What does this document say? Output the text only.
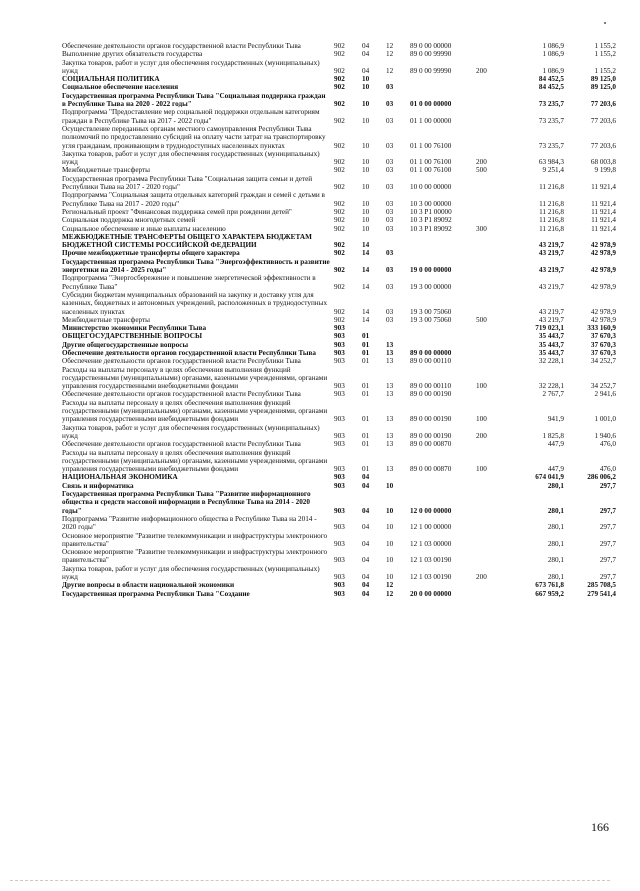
Обеспечение деятельности органов государственной власти Республики Тыва	902	04	12	89 0 00 00000	1 086,9	1 155,2
Выполнение других обязательств государства	902	04	12	89 0 00 99990	1 086,9	1 155,2
Закупка товаров, работ и услуг для обеспечения государственных (муниципальных) нужд	902	04	12	89 0 00 99990	200	1 086,9	1 155,2
СОЦИАЛЬНАЯ ПОЛИТИКА	902	10	84 452,5	89 125,0
Социальное обеспечение населения	902	10	03	84 452,5	89 125,0
Государственная программа Республики Тыва "Социальная поддержка граждан в Республике Тыва на 2020 - 2022 годы"	902	10	03	01 0 00 00000	73 235,7	77 203,6
Подпрограмма "Предоставление мер социальной поддержки отдельным категориям граждан в Республике Тыва на 2017 - 2022 годы"	902	10	03	01 1 00 00000	73 235,7	77 203,6
Осуществление переданных органам местного самоуправления Республики Тыва полномочий по предоставлению субсидий на оплату части затрат на транспортировку угля гражданам, проживающим в труднодоступных населенных пунктах	902	10	03	01 1 00 76100	73 235,7	77 203,6
Закупка товаров, работ и услуг для обеспечения государственных (муниципальных) нужд	902	10	03	01 1 00 76100	200	63 984,3	68 003,8
Межбюджетные трансферты	902	10	03	01 1 00 76100	500	9 251,4	9 199,8
Государственная программа Республики Тыва "Социальная защита семьи и детей Республики Тыва на 2017 - 2020 годы"	902	10	03	10 0 00 00000	11 216,8	11 921,4
Подпрограмма "Социальная защита отдельных категорий граждан и семей с детьми в Республике Тыва на 2017 - 2020 годы"	902	10	03	10 3 00 00000	11 216,8	11 921,4
Региональный проект "Финансовая поддержка семей при рождении детей"	902	10	03	10 3 P1 00000	11 216,8	11 921,4
Социальная поддержка многодетных семей	902	10	03	10 3 P1 89092	11 216,8	11 921,4
Социальное обеспечение и иные выплаты населению	902	10	03	10 3 P1 89092	300	11 216,8	11 921,4
МЕЖБЮДЖЕТНЫЕ ТРАНСФЕРТЫ ОБЩЕГО ХАРАКТЕРА БЮДЖЕТАМ БЮДЖЕТНОЙ СИСТЕМЫ РОССИЙСКОЙ ФЕДЕРАЦИИ	902	14	43 219,7	42 978,9
Прочие межбюджетные трансферты общего характера	902	14	03	43 219,7	42 978,9
Государственная программа Республики Тыва "Энергоэффективность и развитие энергетики на 2014 - 2025 годы"	902	14	03	19 0 00 00000	43 219,7	42 978,9
Подпрограмма "Энергосбережение и повышение энергетической эффективности в Республике Тыва"	902	14	03	19 3 00 00000	43 219,7	42 978,9
Субсидии бюджетам муниципальных образований на закупку и доставку угля для казенных, бюджетных и автономных учреждений, расположенных в труднодоступных населенных пунктах	902	14	03	19 3 00 75060	43 219,7	42 978,9
Межбюджетные трансферты	902	14	03	19 3 00 75060	500	43 219,7	42 978,9
Министерство экономики Республики Тыва	903	719 023,1	333 160,9
ОБЩЕГОСУДАРСТВЕННЫЕ ВОПРОСЫ	903	01	35 443,7	37 670,3
Другие общегосударственные вопросы	903	01	13	35 443,7	37 670,3
Обеспечение деятельности органов государственной власти Республики Тыва	903	01	13	89 0 00 00000	35 443,7	37 670,3
Обеспечение деятельности органов государственной власти Республики Тыва	903	01	13	89 0 00 00110	32 228,1	34 252,7
Расходы на выплаты персоналу в целях обеспечения выполнения функций государственными (муниципальными) органами, казенными учреждениями, органами управления государственными внебюджетными фондами	903	01	13	89 0 00 00110	100	32 228,1	34 252,7
Обеспечение деятельности органов государственной власти Республики Тыва	903	01	13	89 0 00 00190	2 767,7	2 941,6
Расходы на выплаты персоналу в целях обеспечения выполнения функций государственными (муниципальными) органами, казенными учреждениями, органами управления государственными внебюджетными фондами	903	01	13	89 0 00 00190	100	941,9	1 001,0
Закупка товаров, работ и услуг для обеспечения государственных (муниципальных) нужд	903	01	13	89 0 00 00190	200	1 825,8	1 940,6
Обеспечение деятельности органов государственной власти Республики Тыва	903	01	13	89 0 00 00870	447,9	476,0
Расходы на выплаты персоналу в целях обеспечения выполнения функций государственными (муниципальными) органами, казенными учреждениями, органами управления государственными внебюджетными фондами	903	01	13	89 0 00 00870	100	447,9	476,0
НАЦИОНАЛЬНАЯ ЭКОНОМИКА	903	04	674 041,9	286 006,2
Связь и информатика	903	04	10	280,1	297,7
Государственная программа Республики Тыва "Развитие информационного общества и средств массовой информации в Республике Тыва на 2014 - 2020 годы"	903	04	10	12 0 00 00000	280,1	297,7
Подпрограмма "Развитие информационного общества в Республике Тыва на 2014 - 2020 годы"	903	04	10	12 1 00 00000	280,1	297,7
Основное мероприятие "Развитие телекоммуникации и инфраструктуры электронного правительства"	903	04	10	12 1 03 00000	280,1	297,7
Основное мероприятие "Развитие телекоммуникации и инфраструктуры электронного правительства"	903	04	10	12 1 03 00190	280,1	297,7
Закупка товаров, работ и услуг для обеспечения государственных (муниципальных) нужд	903	04	10	12 1 03 00190	200	280,1	297,7
Другие вопросы в области национальной экономики	903	04	12	673 761,8	285 708,5
Государственная программа Республики Тыва "Создание	903	04	12	20 0 00 00000	667 959,2	279 541,4
166
